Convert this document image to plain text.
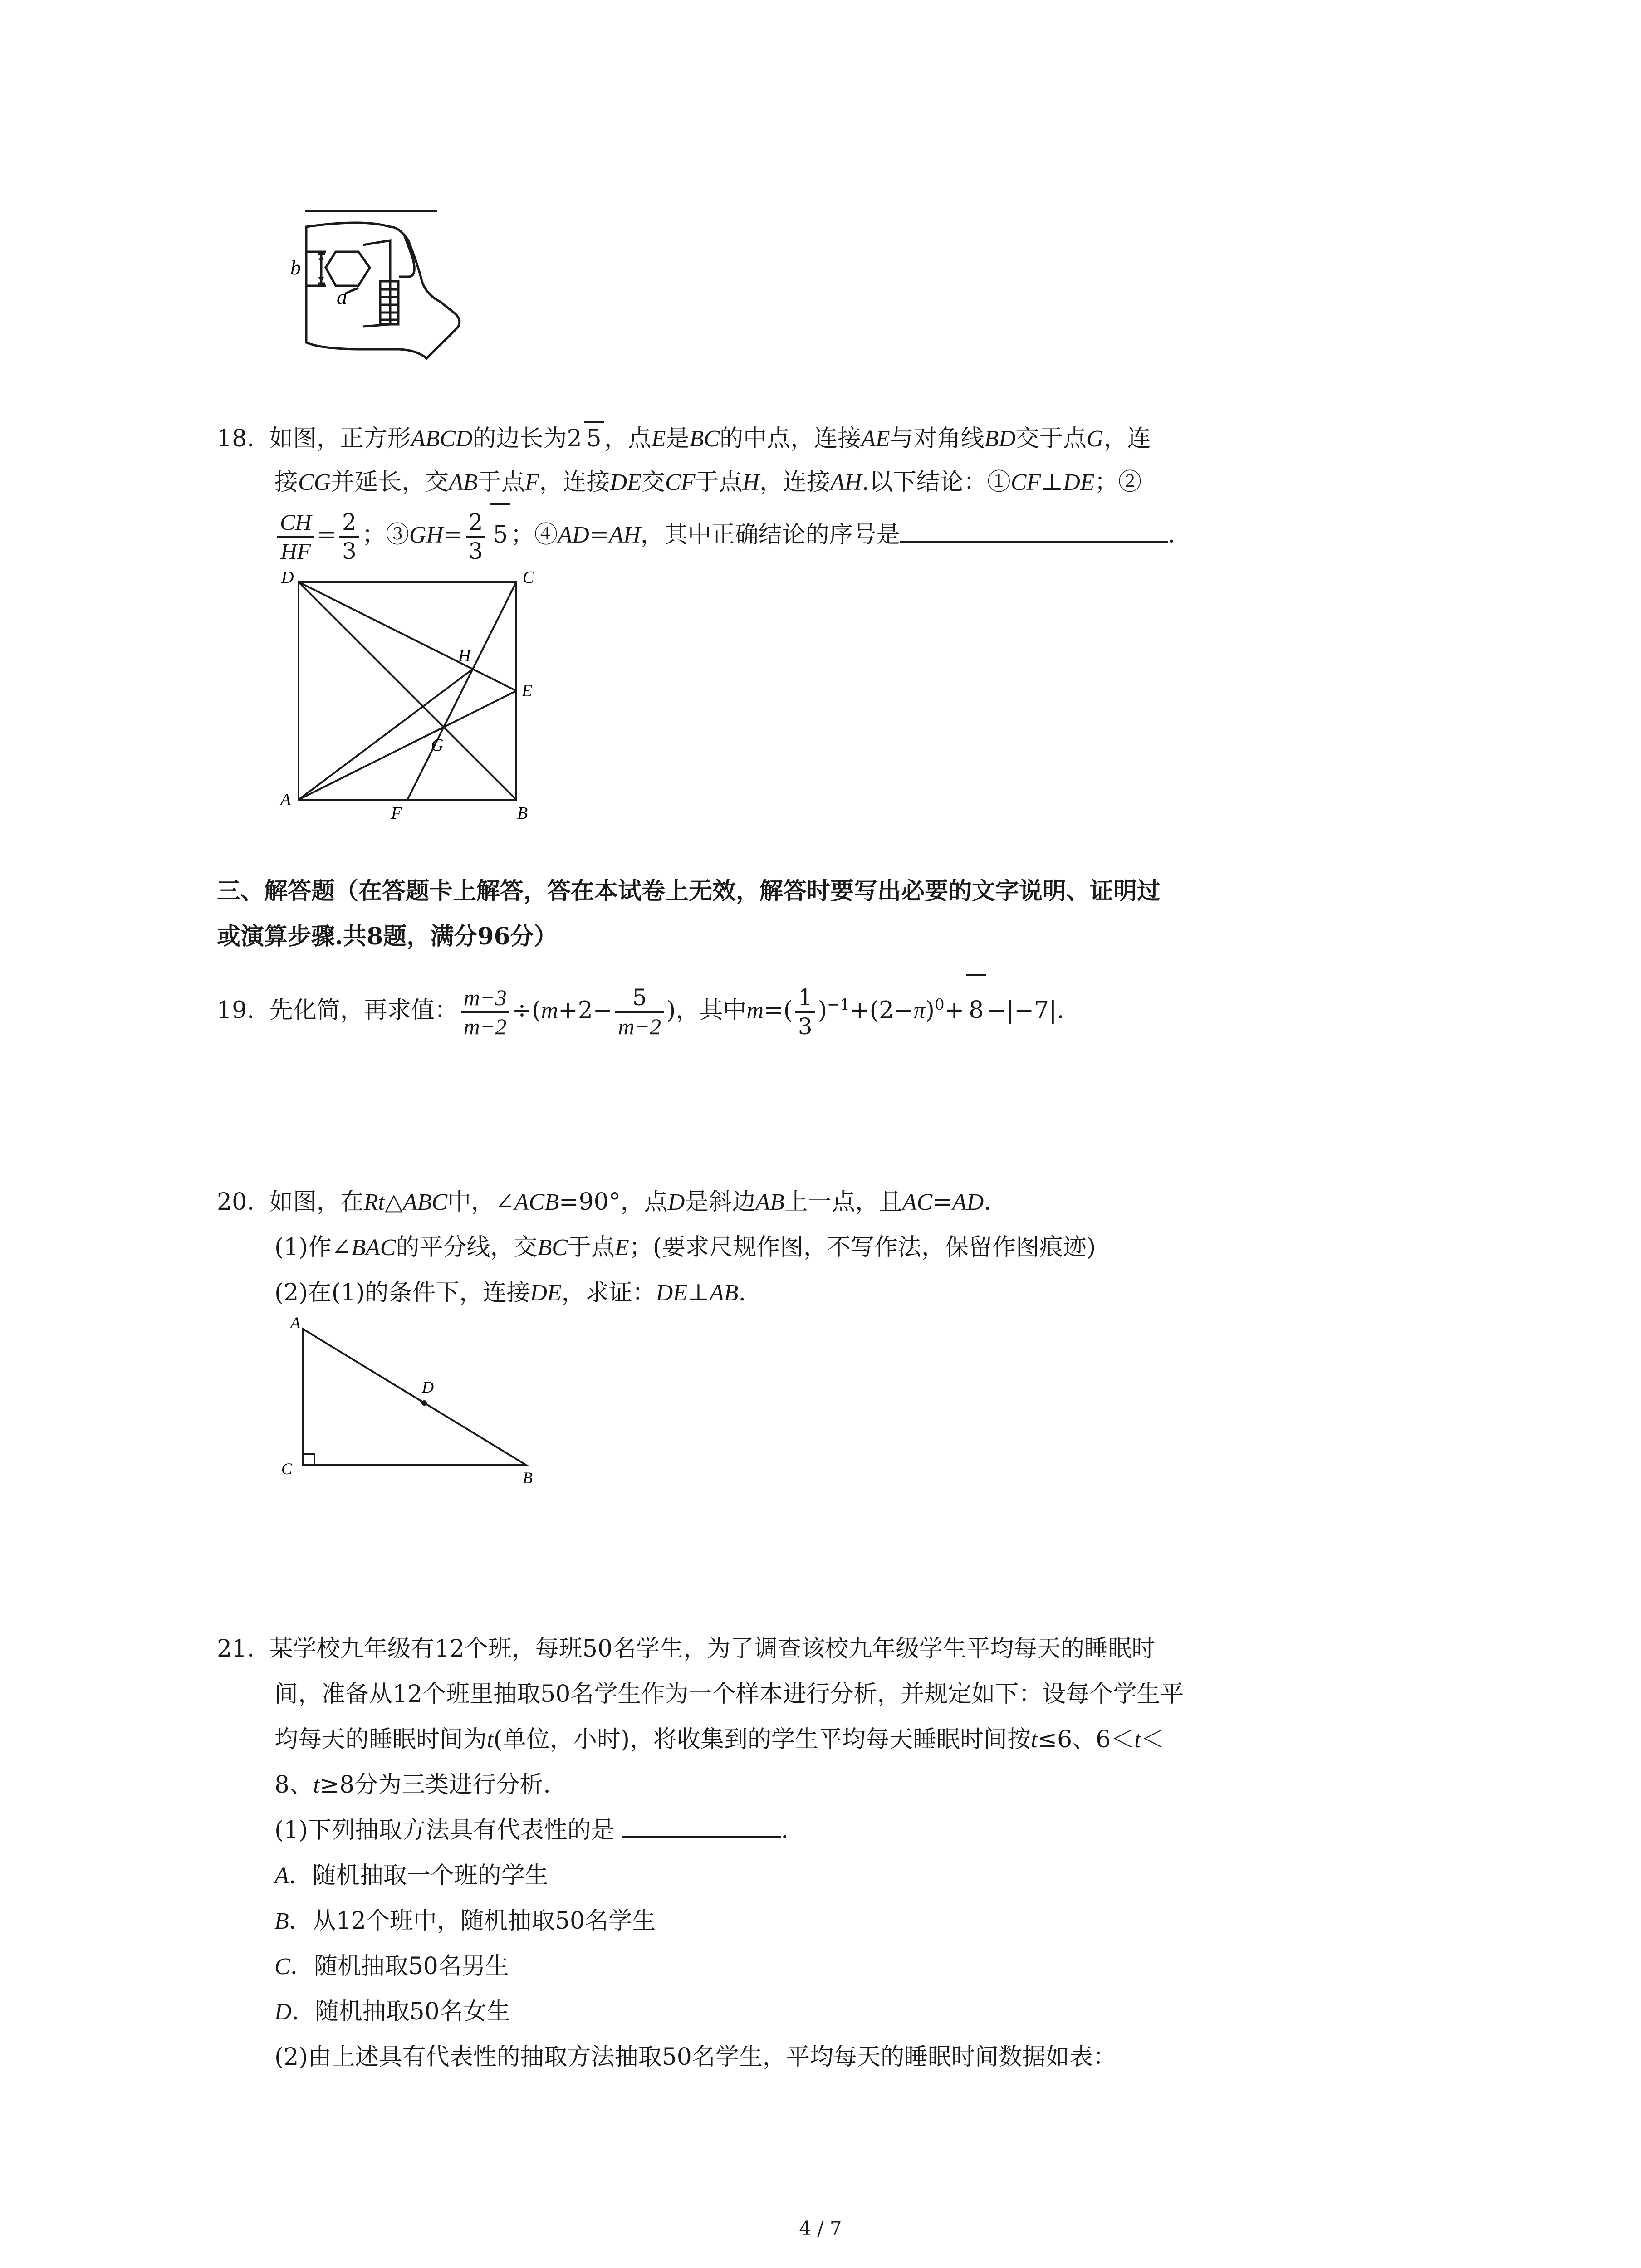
b
a
18. 如图，正方形ABCD的边长为2 5 ，点E是BC的中点，连接AE与对角线BD交于点G，连
接CG并延长，交AB于点F，连接DE交CF于点H，连接AH.以下结论：①CF⊥DE；②
$\frac{CH}{HF} = \frac{2}{3}$ ；③GH= $\frac{2}{3} 5$ ；④AD=AH，其中正确结论的序号是	.
D	C
H
E
G
A
F	B
三、解答题（在答题卡上解答，答在本试卷上无效，解答时要写出必要的文字说明、证明过
或演算步骤.共8题，满分96分）
19. 先化简，再求值： $\frac{m-3}{m-2} \div(m+2- \frac{5}{m-2}$ )，其中$m=( \frac{1}{3} )^{-1}+(2-\pi)^0+ 8 -|-7|$.
20. 如图，在Rt△ABC中，∠ACB=90°，点D是斜边AB上一点，且AC=AD.
(1)作∠BAC的平分线，交BC于点E；(要求尺规作图，不写作法，保留作图痕迹)
(2)在(1)的条件下，连接DE，求证：DE⊥AB.
A
D
C	B
21. 某学校九年级有12个班，每班50名学生，为了调查该校九年级学生平均每天的睡眠时
间，准备从12个班里抽取50名学生作为一个样本进行分析，并规定如下：设每个学生平
均每天的睡眠时间为t(单位，小时)，将收集到的学生平均每天睡眠时间按t≤6、6＜t＜
8、t≥8分为三类进行分析.
(1)下列抽取方法具有代表性的是	.
A．随机抽取一个班的学生
B．从12个班中，随机抽取50名学生
C．随机抽取50名男生
D．随机抽取50名女生
(2)由上述具有代表性的抽取方法抽取50名学生，平均每天的睡眠时间数据如表：
4 / 7
